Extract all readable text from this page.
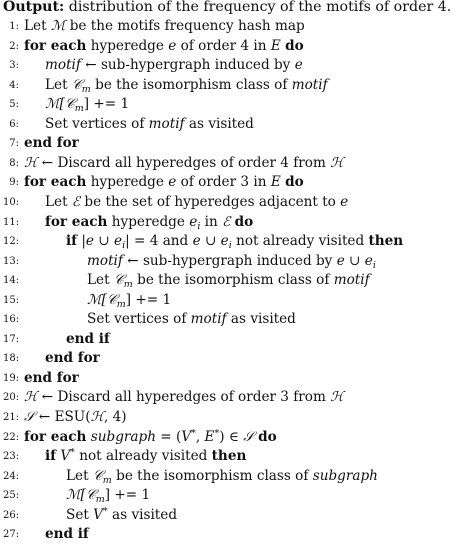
Output: distribution of the frequency of the motifs of order 4.
1: Let ℳ be the motifs frequency hash map
2: for each hyperedge e of order 4 in E do
3: motif ← sub-hypergraph induced by e
4: Let 𝒞$_m$ be the isomorphism class of motif
5: ℳ[𝒞$_m$] += 1
6: Set vertices of motif as visited
7: end for
8: ℋ ← Discard all hyperedges of order 4 from ℋ
9: for each hyperedge e of order 3 in E do
10: Let ℰ be the set of hyperedges adjacent to e
11: for each hyperedge $e_i$ in ℰ do
12:	if |e ∪ $e_i| = 4$ and e ∪ $e_i$ not already visited then
13:	motif ← sub-hypergraph induced by e ∪ $e_i$
14:	Let 𝒞$_m$ be the isomorphism class of motif
15:	ℳ[𝒞$_m$] += 1
16:	Set vertices of motif as visited
17:	end if
18: end for
19: end for
20: ℋ ← Discard all hyperedges of order 3 from ℋ
21: 𝒮 ← ESU(ℋ, 4)
22: for each subgraph = (V*, E*) ∈ 𝒮 do
23: if V* not already visited then
24:	Let 𝒞$_m$ be the isomorphism class of subgraph
25:	ℳ[𝒞$_m$] += 1
26:	Set V* as visited
27: end if
